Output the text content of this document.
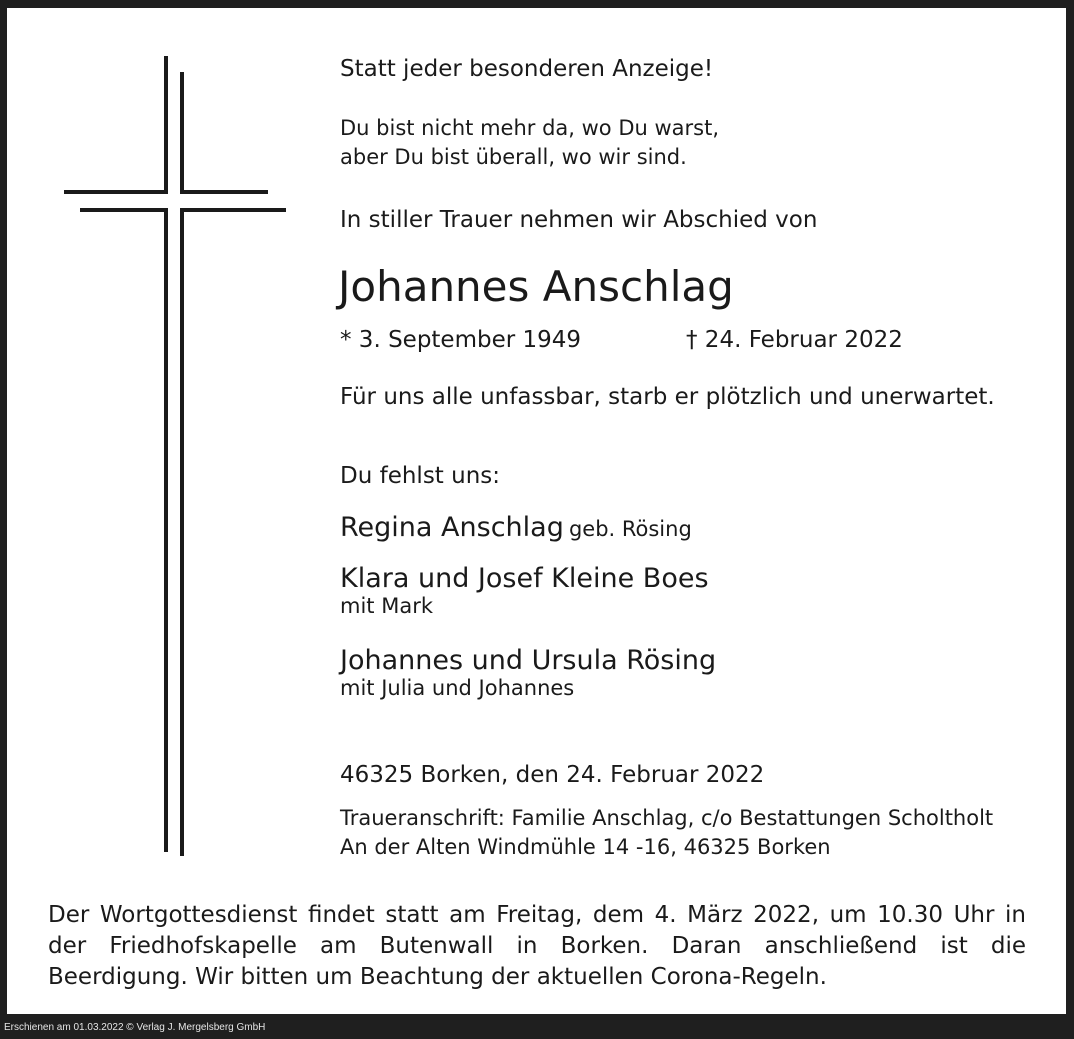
Statt jeder besonderen Anzeige!

Du bist nicht mehr da, wo Du warst,
aber Du bist überall, wo wir sind.

In stiller Trauer nehmen wir Abschied von

Johannes Anschlag

* 3. September 1949	† 24. Februar 2022

Für uns alle unfassbar, starb er plötzlich und unerwartet.

Du fehlst uns:

Regina Anschlag geb. Rösing
Klara und Josef Kleine Boes
mit Mark
Johannes und Ursula Rösing
mit Julia und Johannes

46325 Borken, den 24. Februar 2022

Traueranschrift: Familie Anschlag, c/o Bestattungen Scholtholt
An der Alten Windmühle 14 -16, 46325 Borken

Der Wortgottesdienst findet statt am Freitag, dem 4. März 2022, um 10.30 Uhr in der Friedhofskapelle am Butenwall in Borken. Daran anschließend ist die Beerdigung. Wir bitten um Beachtung der aktuellen Corona-Regeln.

Erschienen am 01.03.2022 © Verlag J. Mergelsberg GmbH
